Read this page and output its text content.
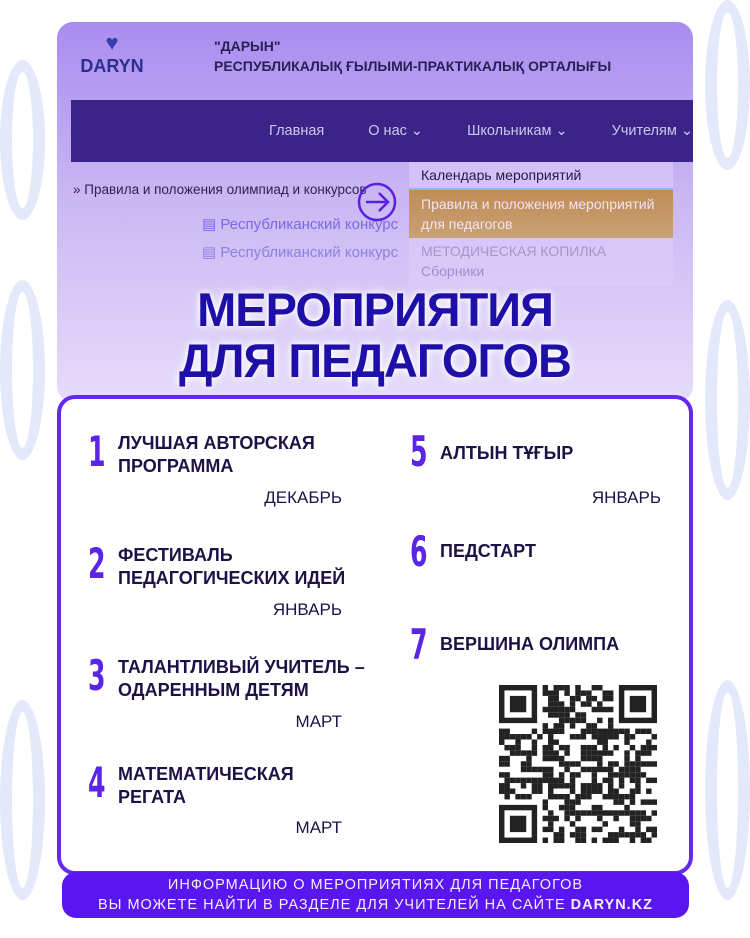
♥
DARYN
"ДАРЫН"
РЕСПУБЛИКАЛЫҚ ҒЫЛЫМИ-ПРАКТИКАЛЫҚ ОРТАЛЫҒЫ
Главная	О нас ⌄	Школьникам ⌄	Учителям ⌄
» Правила и положения олимпиад и конкурсов
Календарь мероприятий
Правила и положения мероприятий для педагогов
МЕТОДИЧЕСКАЯ КОПИЛКА
Сборники
▤ Республиканский конкурс
▤ Республиканский конкурс
МЕРОПРИЯТИЯ
ДЛЯ ПЕДАГОГОВ
1 ЛУЧШАЯ АВТОРСКАЯ ПРОГРАММА
ДЕКАБРЬ
2 ФЕСТИВАЛЬ ПЕДАГОГИЧЕСКИХ ИДЕЙ
ЯНВАРЬ
3 ТАЛАНТЛИВЫЙ УЧИТЕЛЬ – ОДАРЕННЫМ ДЕТЯМ
МАРТ
4 МАТЕМАТИЧЕСКАЯ РЕГАТА
МАРТ
5 АЛТЫН ТҰҒЫР
ЯНВАРЬ
6 ПЕДСТАРТ
7 ВЕРШИНА ОЛИМПА
ИНФОРМАЦИЮ О МЕРОПРИЯТИЯХ ДЛЯ ПЕДАГОГОВ
ВЫ МОЖЕТЕ НАЙТИ В РАЗДЕЛЕ ДЛЯ УЧИТЕЛЕЙ НА САЙТЕ DARYN.KZ
